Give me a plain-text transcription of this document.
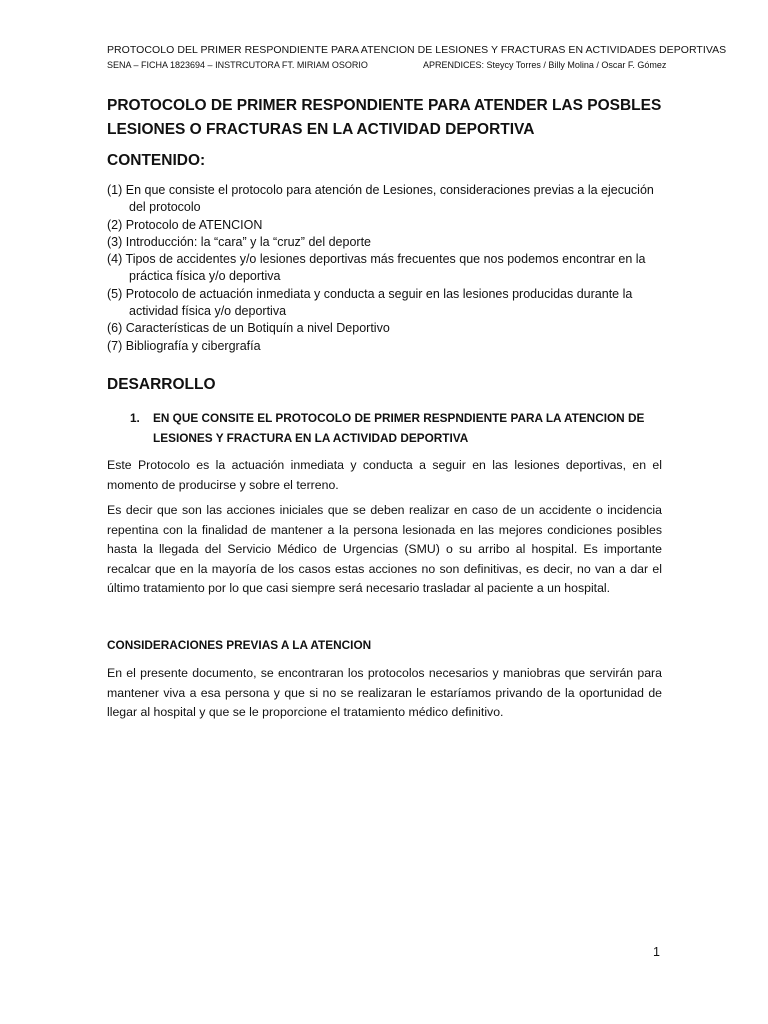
PROTOCOLO DEL PRIMER RESPONDIENTE PARA ATENCION DE LESIONES Y FRACTURAS EN ACTIVIDADES DEPORTIVAS
SENA – FICHA 1823694 – INSTRCUTORA FT. MIRIAM OSORIO	APRENDICES: Steycy Torres / Billy Molina / Oscar F. Gómez
PROTOCOLO DE PRIMER RESPONDIENTE PARA ATENDER LAS POSBLES LESIONES O FRACTURAS EN LA ACTIVIDAD DEPORTIVA
CONTENIDO:
(1) En que consiste el protocolo para atención de Lesiones, consideraciones previas a la ejecución
del protocolo
(2) Protocolo de ATENCION
(3) Introducción: la “cara” y la “cruz” del deporte
(4) Tipos de accidentes y/o lesiones deportivas más frecuentes que nos podemos encontrar en la
práctica física y/o deportiva
(5) Protocolo de actuación inmediata y conducta a seguir en las lesiones producidas durante la
actividad física y/o deportiva
(6) Características de un Botiquín a nivel Deportivo
(7) Bibliografía y cibergrafía
DESARROLLO
1.	EN QUE CONSITE EL PROTOCOLO DE PRIMER RESPNDIENTE PARA LA ATENCION DE LESIONES Y FRACTURA EN LA ACTIVIDAD DEPORTIVA

Este Protocolo es la actuación inmediata y conducta a seguir en las lesiones deportivas, en el momento de producirse y sobre el terreno.

Es decir que son las acciones iniciales que se deben realizar en caso de un accidente o incidencia repentina con la finalidad de mantener a la persona lesionada en las mejores condiciones posibles hasta la llegada del Servicio Médico de Urgencias (SMU) o su arribo al hospital. Es importante recalcar que en la mayoría de los casos estas acciones no son definitivas, es decir, no van a dar el último tratamiento por lo que casi siempre será necesario trasladar al paciente a un hospital.

CONSIDERACIONES PREVIAS A LA ATENCION

En el presente documento, se encontraran los protocolos necesarios y maniobras que servirán para mantener viva a esa persona y que si no se realizaran le estaríamos privando de la oportunidad de llegar al hospital y que se le proporcione el tratamiento médico definitivo.

1
